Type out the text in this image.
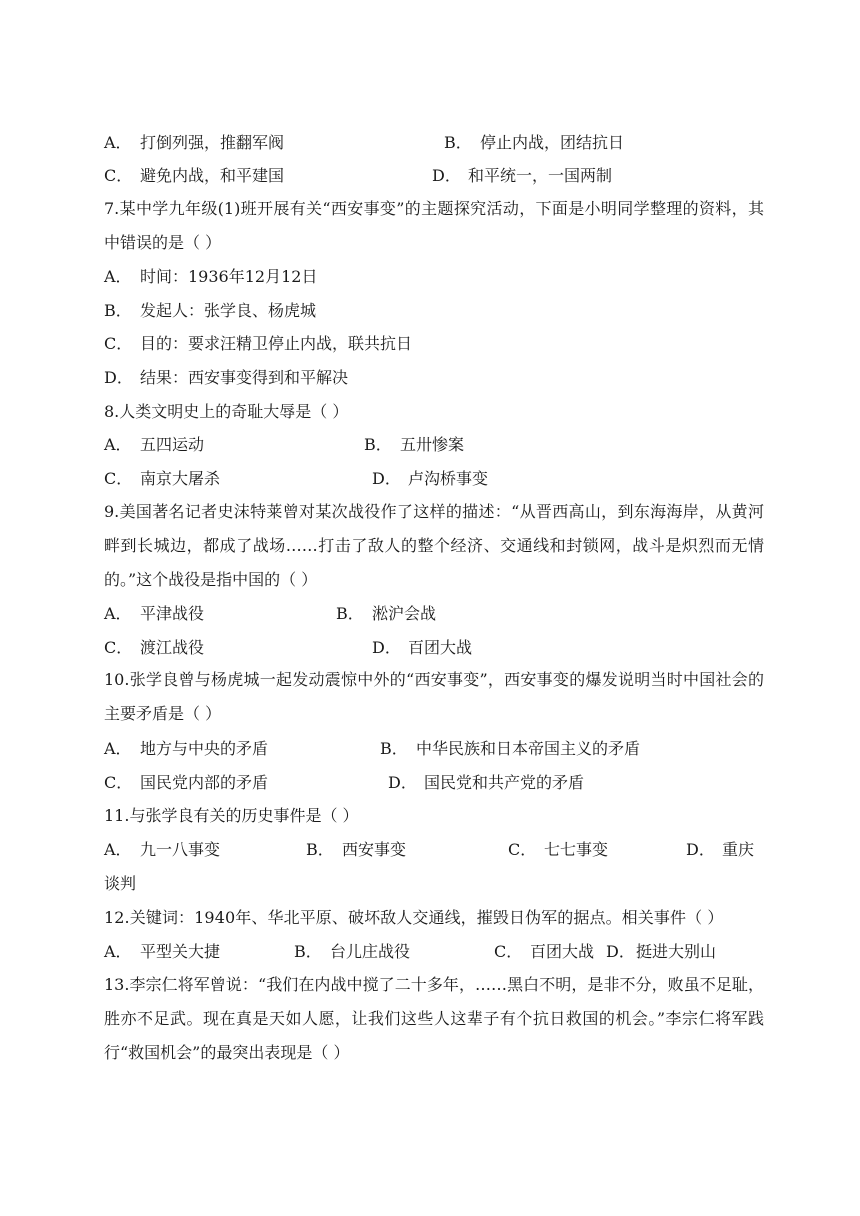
A． 打倒列强，推翻军阀	B． 停止内战，团结抗日
C． 避免内战，和平建国	D． 和平统一，一国两制
7.某中学九年级(1)班开展有关“西安事变”的主题探究活动，下面是小明同学整理的资料，其中错误的是（ ）
A． 时间：1936年12月12日
B． 发起人：张学良、杨虎城
C． 目的：要求汪精卫停止内战，联共抗日
D． 结果：西安事变得到和平解决
8.人类文明史上的奇耻大辱是（ ）
A． 五四运动	B． 五卅惨案
C． 南京大屠杀	D． 卢沟桥事变
9.美国著名记者史沫特莱曾对某次战役作了这样的描述：“从晋西高山，到东海海岸，从黄河畔到长城边，都成了战场……打击了敌人的整个经济、交通线和封锁网，战斗是炽烈而无情的。”这个战役是指中国的（ ）
A． 平津战役	B． 淞沪会战
C． 渡江战役	D． 百团大战
10.张学良曾与杨虎城一起发动震惊中外的“西安事变”，西安事变的爆发说明当时中国社会的主要矛盾是（ ）
A． 地方与中央的矛盾	B． 中华民族和日本帝国主义的矛盾
C． 国民党内部的矛盾	D． 国民党和共产党的矛盾
11.与张学良有关的历史事件是（ ）
A． 九一八事变	B． 西安事变	C． 七七事变	D． 重庆
谈判
12.关键词：1940年、华北平原、破坏敌人交通线，摧毁日伪军的据点。相关事件（ ）
A． 平型关大捷	B． 台儿庄战役	C． 百团大战 D．挺进大别山
13.李宗仁将军曾说：“我们在内战中搅了二十多年，……黑白不明，是非不分，败虽不足耻，胜亦不足武。现在真是天如人愿，让我们这些人这辈子有个抗日救国的机会。”李宗仁将军践行“救国机会”的最突出表现是（ ）
